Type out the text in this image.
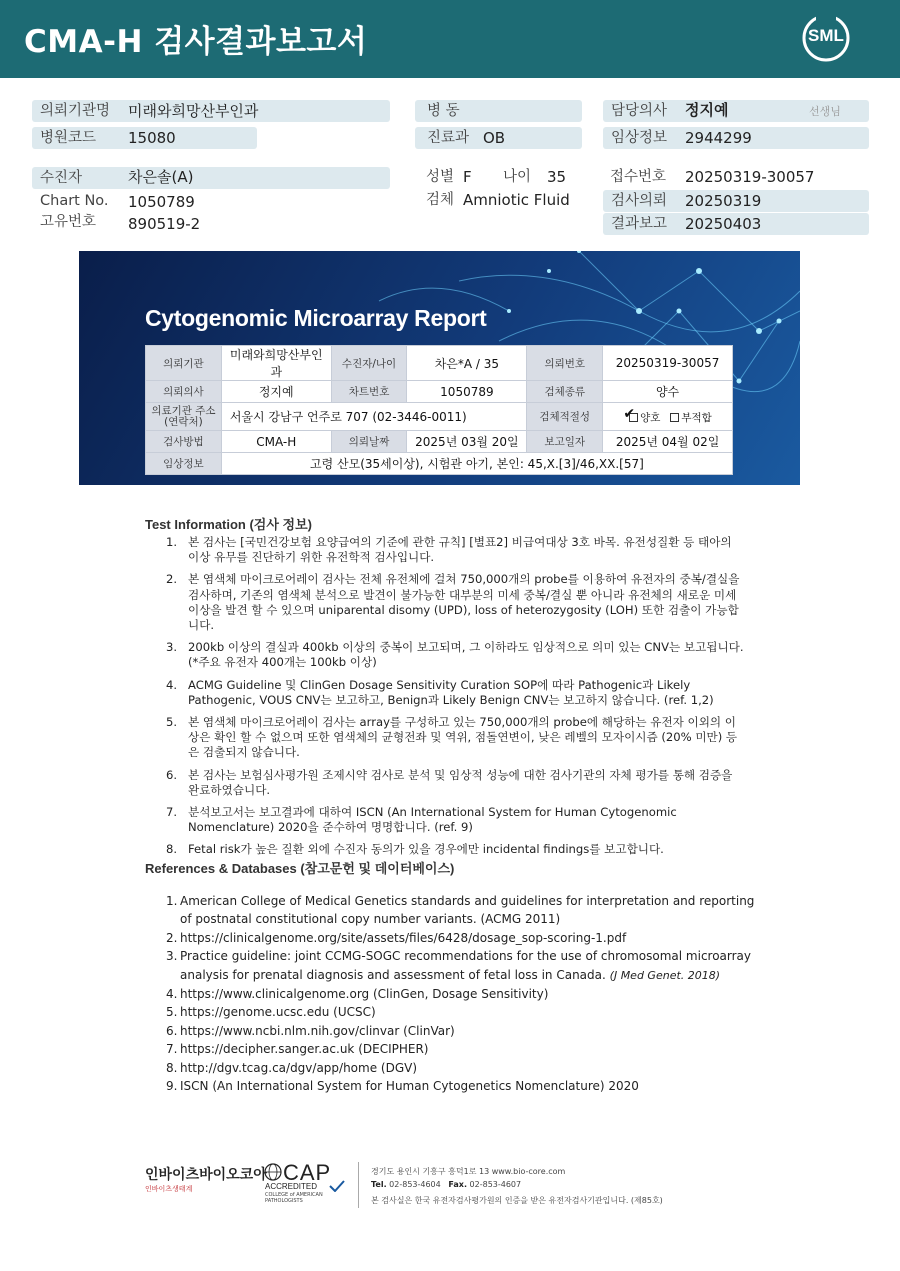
CMA-H 검사결과보고서	SML
의뢰기관명	미래와희망산부인과
병원코드	15080
병 동
진료과 OB
담당의사	정지예	선생님
임상정보	2944299
수진자	차은솔(A)
Chart No. 1050789
고유번호 890519-2
성별 F 나이 35
검체 Amniotic Fluid
접수번호 20250319-30057
검사의뢰	20250319
결과보고	20250403
Cytogenomic Microarray Report
의뢰기관	미래와희망산부인과	수진자/나이	차은*A / 35	의뢰번호	20250319-30057
의뢰의사	정지예	차트번호	1050789	검체종류	양수
의료기관 주소 (연락처)	서울시 강남구 언주로 707 (02-3446-0011)			검체적절성	✔ 양호 부적합
검사방법	CMA-H	의뢰날짜	2025년 03월 20일	보고일자	2025년 04월 02일
임상정보	고령 산모(35세이상), 시험관 아기, 본인: 45,X.[3]/46,XX.[57]				
Test Information (검사 정보)
1. 본 검사는 [국민건강보험 요양급여의 기준에 관한 규칙] [별표2] 비급여대상 3호 바목. 유전성질환 등 태아의 이상 유무를 진단하기 위한 유전학적 검사입니다.
2. 본 염색체 마이크로어레이 검사는 전체 유전체에 걸쳐 750,000개의 probe를 이용하여 유전자의 중복/결실을 검사하며, 기존의 염색체 분석으로 발견이 불가능한 대부분의 미세 중복/결실 뿐 아니라 유전체의 새로운 미세이상을 발견 할 수 있으며 uniparental disomy (UPD), loss of heterozygosity (LOH) 또한 검출이 가능합니다.
3. 200kb 이상의 결실과 400kb 이상의 중복이 보고되며, 그 이하라도 임상적으로 의미 있는 CNV는 보고됩니다. (*주요 유전자 400개는 100kb 이상)
4. ACMG Guideline 및 ClinGen Dosage Sensitivity Curation SOP에 따라 Pathogenic과 Likely Pathogenic, VOUS CNV는 보고하고, Benign과 Likely Benign CNV는 보고하지 않습니다. (ref. 1,2)
5. 본 염색체 마이크로어레이 검사는 array를 구성하고 있는 750,000개의 probe에 해당하는 유전자 이외의 이상은 확인 할 수 없으며 또한 염색체의 균형전좌 및 역위, 점돌연변이, 낮은 레벨의 모자이시즘 (20% 미만) 등은 검출되지 않습니다.
6. 본 검사는 보험심사평가원 조제시약 검사로 분석 및 임상적 성능에 대한 검사기관의 자체 평가를 통해 검증을 완료하였습니다.
7. 분석보고서는 보고결과에 대하여 ISCN (An International System for Human Cytogenomic Nomenclature) 2020을 준수하여 명명합니다. (ref. 9)
8. Fetal risk가 높은 질환 외에 수진자 동의가 있을 경우에만 incidental findings를 보고합니다.
References & Databases (참고문헌 및 데이터베이스)
1. American College of Medical Genetics standards and guidelines for interpretation and reporting of postnatal constitutional copy number variants. (ACMG 2011)
2. https://clinicalgenome.org/site/assets/files/6428/dosage_sop-scoring-1.pdf
3. Practice guideline: joint CCMG-SOGC recommendations for the use of chromosomal microarray analysis for prenatal diagnosis and assessment of fetal loss in Canada. (J Med Genet. 2018)
4. https://www.clinicalgenome.org (ClinGen, Dosage Sensitivity)
5. https://genome.ucsc.edu (UCSC)
6. https://www.ncbi.nlm.nih.gov/clinvar (ClinVar)
7. https://decipher.sanger.ac.uk (DECIPHER)
8. http://dgv.tcag.ca/dgv/app/home (DGV)
9. ISCN (An International System for Human Cytogenetics Nomenclature) 2020
인바이츠바이오코아
인바이츠생태계
CAP
ACCREDITED
COLLEGE of AMERICAN PATHOLOGISTS
경기도 용인시 기흥구 흥덕1로 13 www.bio-core.com
Tel. 02-853-4604 Fax. 02-853-4607
본 검사실은 한국 유전자검사평가원의 인증을 받은 유전자검사기관입니다. (제85호)
